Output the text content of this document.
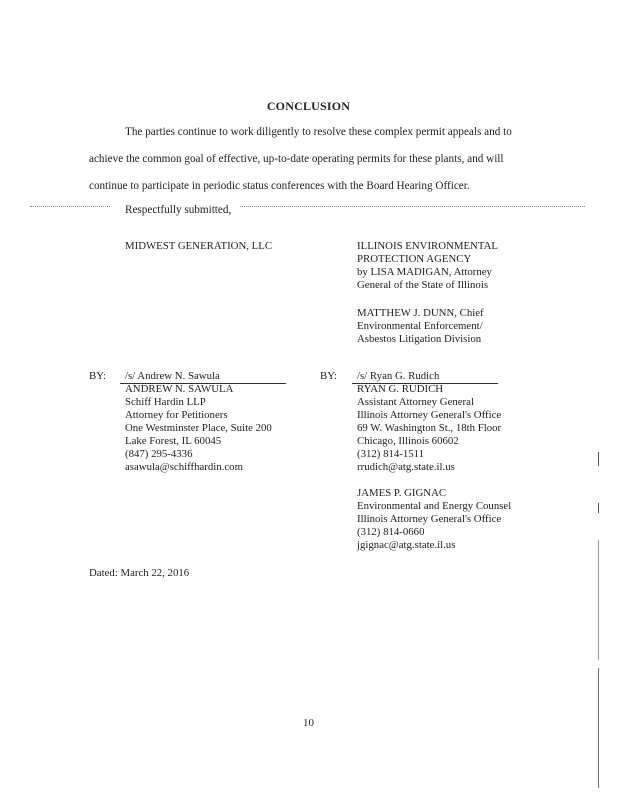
CONCLUSION
The parties continue to work diligently to resolve these complex permit appeals and to
achieve the common goal of effective, up-to-date operating permits for these plants, and will
continue to participate in periodic status conferences with the Board Hearing Officer.
Respectfully submitted,
MIDWEST GENERATION, LLC	ILLINOIS ENVIRONMENTAL
PROTECTION AGENCY
by LISA MADIGAN, Attorney
General of the State of Illinois
MATTHEW J. DUNN, Chief
Environmental Enforcement/
Asbestos Litigation Division
BY: /s/ Andrew N. Sawula
ANDREW N. SAWULA
Schiff Hardin LLP
Attorney for Petitioners
One Westminster Place, Suite 200
Lake Forest, IL 60045
(847) 295-4336
asawula@schiffhardin.com
BY: /s/ Ryan G. Rudich
RYAN G. RUDICH
Assistant Attorney General
Illinois Attorney General's Office
69 W. Washington St., 18th Floor
Chicago, Illinois 60602
(312) 814-1511
rrudich@atg.state.il.us
JAMES P. GIGNAC
Environmental and Energy Counsel
Illinois Attorney General's Office
(312) 814-0660
jgignac@atg.state.il.us
Dated: March 22, 2016
10
